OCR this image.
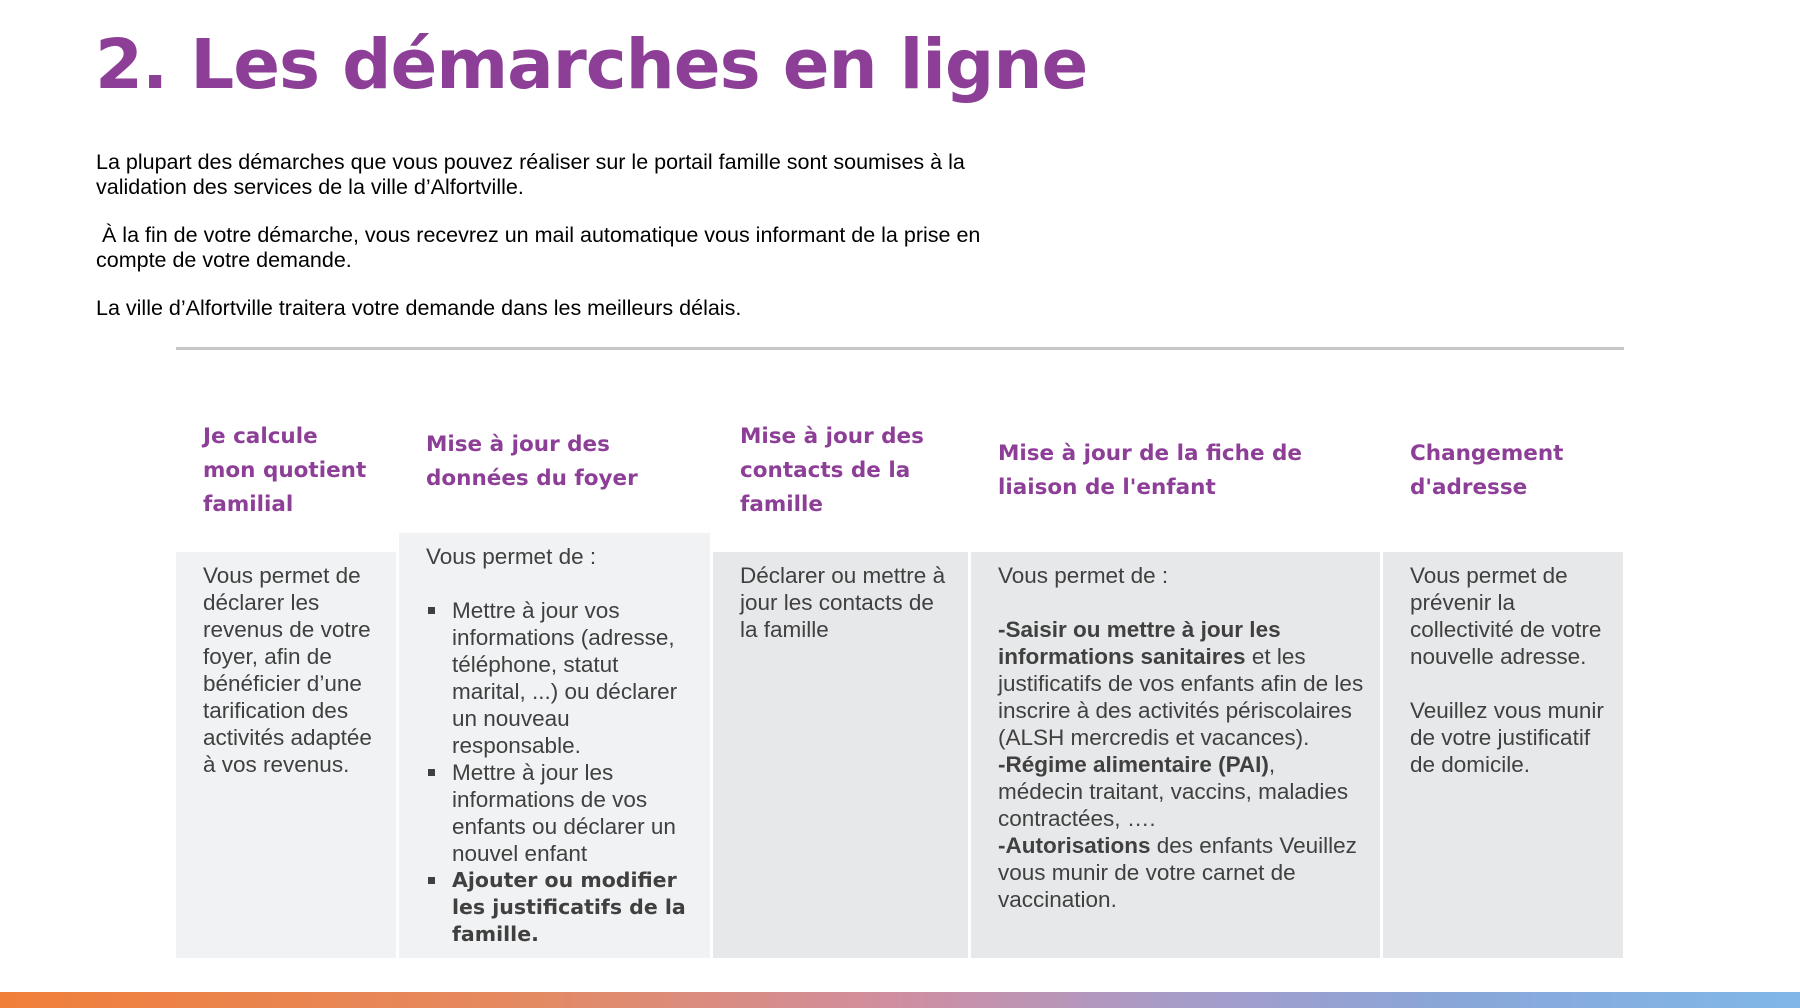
2. Les démarches en ligne

La plupart des démarches que vous pouvez réaliser sur le portail famille sont soumises à la validation des services de la ville d’Alfortville.

À la fin de votre démarche, vous recevrez un mail automatique vous informant de la prise en compte de votre demande.

La ville d’Alfortville traitera votre demande dans les meilleurs délais.

Je calcule mon quotient familial

Vous permet de déclarer les revenus de votre foyer, afin de bénéficier d’une tarification des activités adaptée à vos revenus.

Mise à jour des données du foyer

Vous permet de :

Mettre à jour vos informations (adresse, téléphone, statut marital, ...) ou déclarer un nouveau responsable.
Mettre à jour les informations de vos enfants ou déclarer un nouvel enfant
Ajouter ou modifier les justificatifs de la famille.
Mise à jour des contacts de la famille

Déclarer ou mettre à jour les contacts de la famille

Mise à jour de la fiche de liaison de l'enfant

Vous permet de :

-Saisir ou mettre à jour les informations sanitaires et les justificatifs de vos enfants afin de les inscrire à des activités périscolaires (ALSH mercredis et vacances).

-Régime alimentaire (PAI), médecin traitant, vaccins, maladies contractées, ….

-Autorisations des enfants Veuillez vous munir de votre carnet de vaccination.

Changement d'adresse

Vous permet de prévenir la collectivité de votre nouvelle adresse.

Veuillez vous munir de votre justificatif de domicile.
